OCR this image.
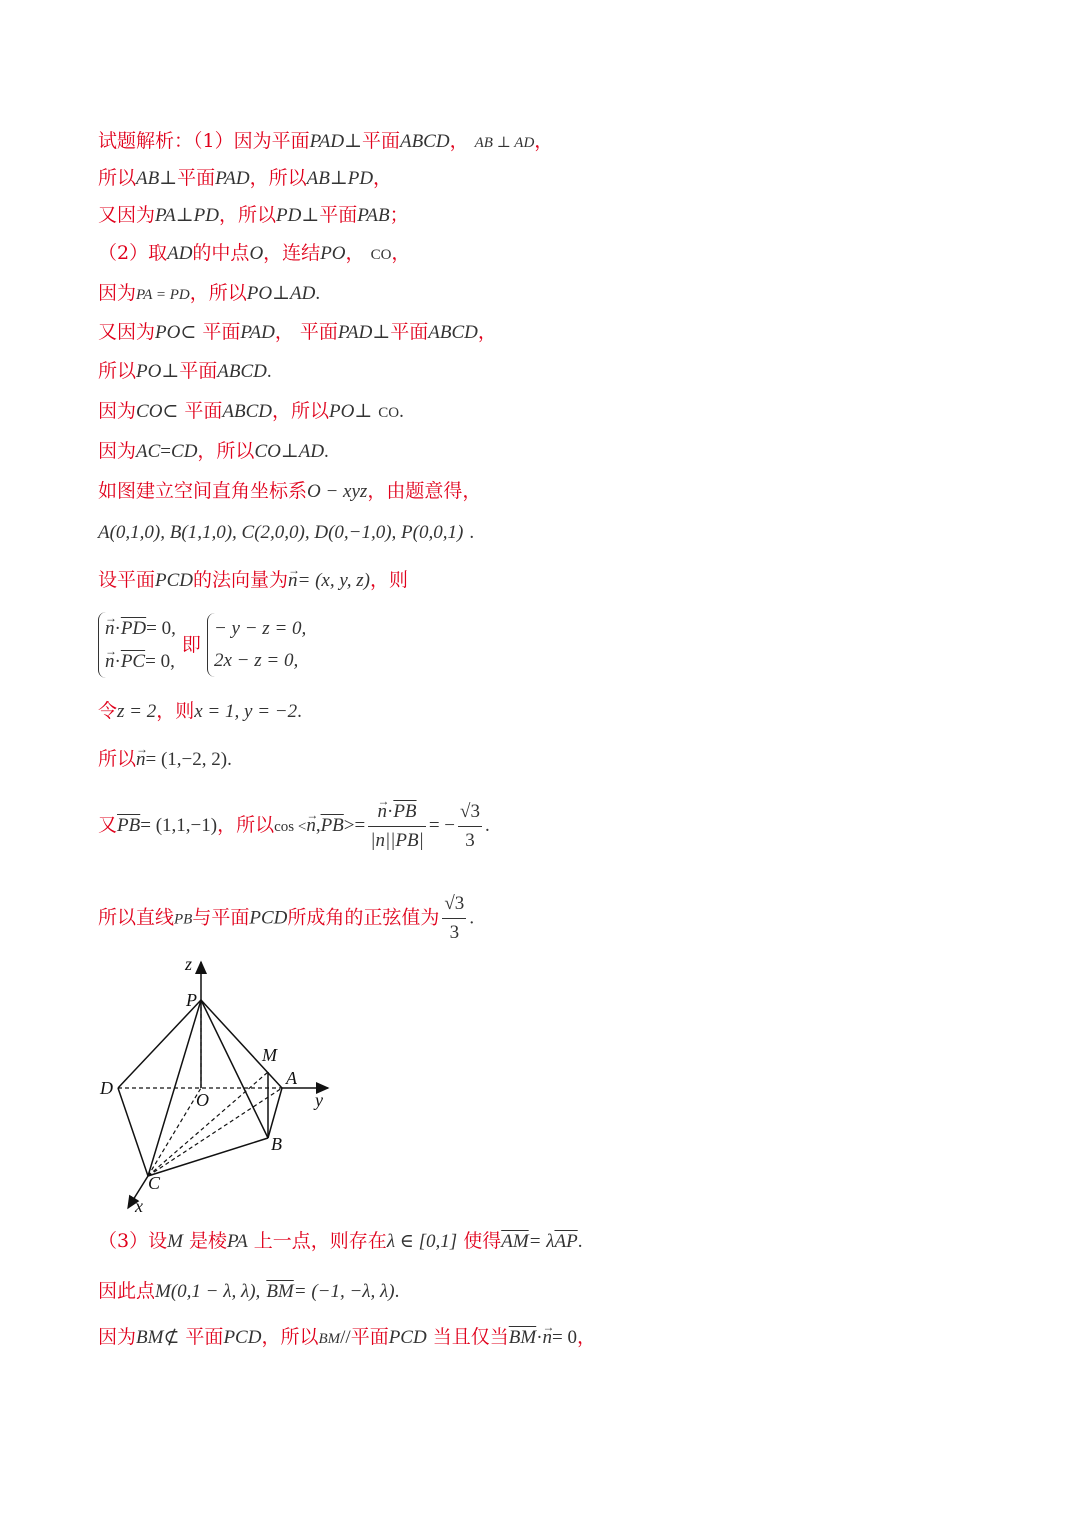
试题解析：（1）因为平面PAD⊥平面ABCD， AB ⊥ AD，
所以AB⊥平面PAD，所以AB⊥PD，
又因为PA⊥PD，所以PD⊥平面PAB；
（2）取AD的中点O，连结PO， CO，
因为PA = PD，所以PO⊥AD.
又因为PO⊂ 平面PAD， 平面PAD⊥平面ABCD，
所以PO⊥平面ABCD.
因为CO⊂ 平面ABCD，所以PO⊥ CO.
因为AC=CD，所以CO⊥AD.
如图建立空间直角坐标系O − xyz，由题意得，
A(0,1,0), B(1,1,0), C(2,0,0), D(0,−1,0), P(0,0,1) .
设平面PCD的法向量为→ n= (x, y, z)，则
→ $n\cdot\overline{PD}= 0$,
→ $n\cdot\overline{PC}= 0$,
即
− y − z = 0,
2x − z = 0,
令z = 2，则x = 1, y = −2.
所以→ n= (1,−2, 2).
又$\overline{PB}= (1,1,-1)$，所以$\cos <\to n,\overline{PB}>= \to \frac{n\cdot\overline{PB}}{|n||PB|}$ = − $\frac{√3}{3}$ .
所以直线PB与平面PCD所成角的正弦值为 $\frac{√3}{3}$ .
z
P
M
D
O
A
y
B
C
x
（3）设M 是棱PA 上一点，则存在λ ∈ [0,1] 使得$\overline{AM}= \lambda\overline{AP}$.
因此点M(0,1 − λ, λ), $\overline{BM}= (-1$, −λ, λ).
因为BM⊄ 平面PCD，所以BM//平面PCD 当且仅当$\overline{BM}\cdot\to n= 0$，
